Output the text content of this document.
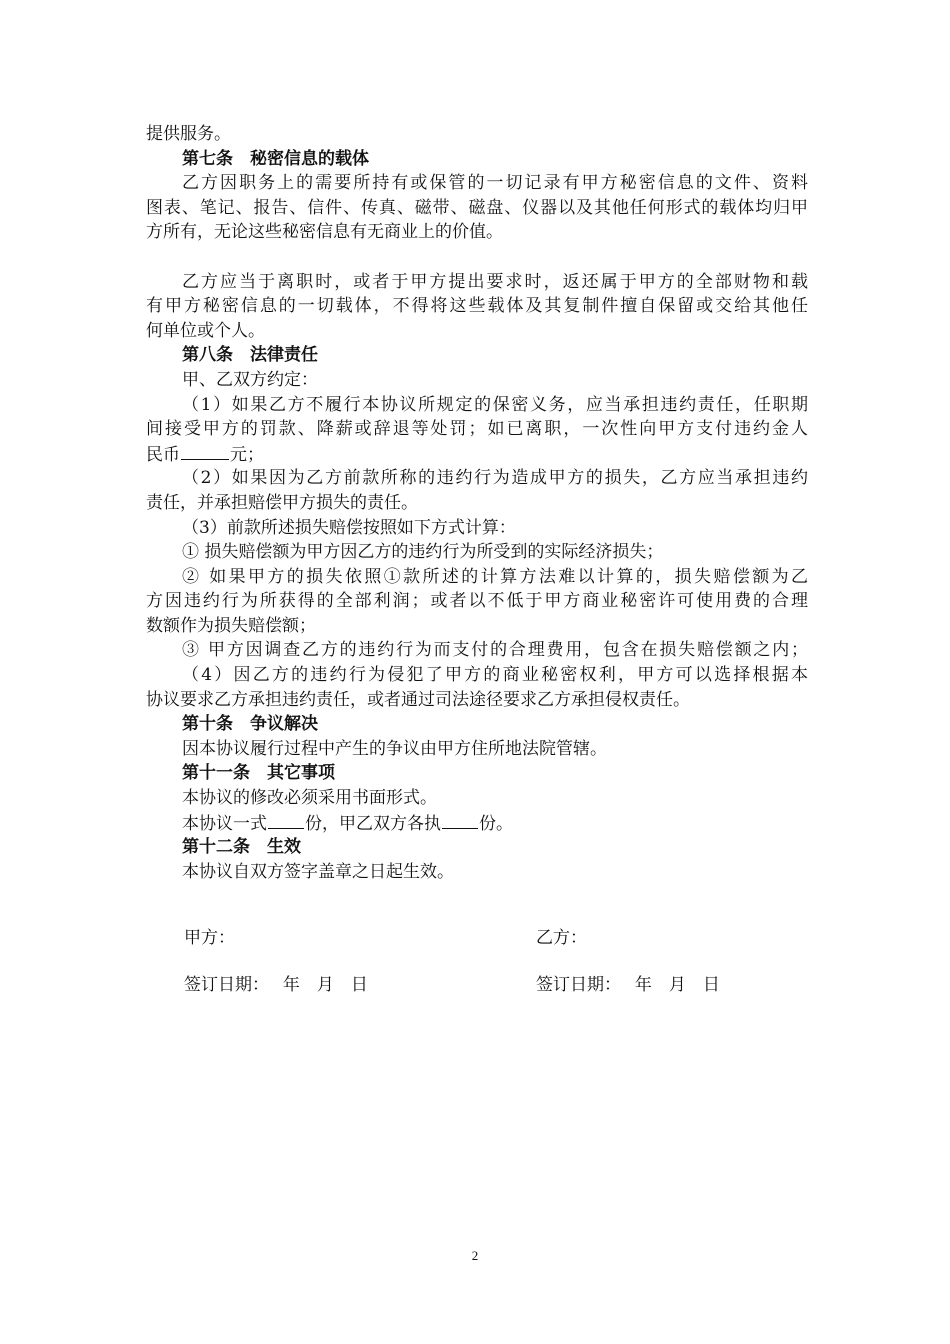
提供服务。
第七条　秘密信息的载体
乙方因职务上的需要所持有或保管的一切记录有甲方秘密信息的文件、资料
图表、笔记、报告、信件、传真、磁带、磁盘、仪器以及其他任何形式的载体均归甲
方所有，无论这些秘密信息有无商业上的价值。
乙方应当于离职时，或者于甲方提出要求时，返还属于甲方的全部财物和载
有甲方秘密信息的一切载体，不得将这些载体及其复制件擅自保留或交给其他任
何单位或个人。
第八条　法律责任
甲、乙双方约定：
（1）如果乙方不履行本协议所规定的保密义务，应当承担违约责任，任职期
间接受甲方的罚款、降薪或辞退等处罚；如已离职，一次性向甲方支付违约金人
民币	元；
（2）如果因为乙方前款所称的违约行为造成甲方的损失，乙方应当承担违约
责任，并承担赔偿甲方损失的责任。
（3）前款所述损失赔偿按照如下方式计算：
① 损失赔偿额为甲方因乙方的违约行为所受到的实际经济损失；
② 如果甲方的损失依照①款所述的计算方法难以计算的，损失赔偿额为乙
方因违约行为所获得的全部利润；或者以不低于甲方商业秘密许可使用费的合理
数额作为损失赔偿额；
③ 甲方因调查乙方的违约行为而支付的合理费用，包含在损失赔偿额之内；
（4）因乙方的违约行为侵犯了甲方的商业秘密权利，甲方可以选择根据本
协议要求乙方承担违约责任，或者通过司法途径要求乙方承担侵权责任。
第十条　争议解决
因本协议履行过程中产生的争议由甲方住所地法院管辖。
第十一条　其它事项
本协议的修改必须采用书面形式。
本协议一式 份，甲乙双方各执 份。
第十二条　生效
本协议自双方签字盖章之日起生效。
甲方：	乙方：
签订日期：　 年　月　日	签订日期：　 年　月　日
2
